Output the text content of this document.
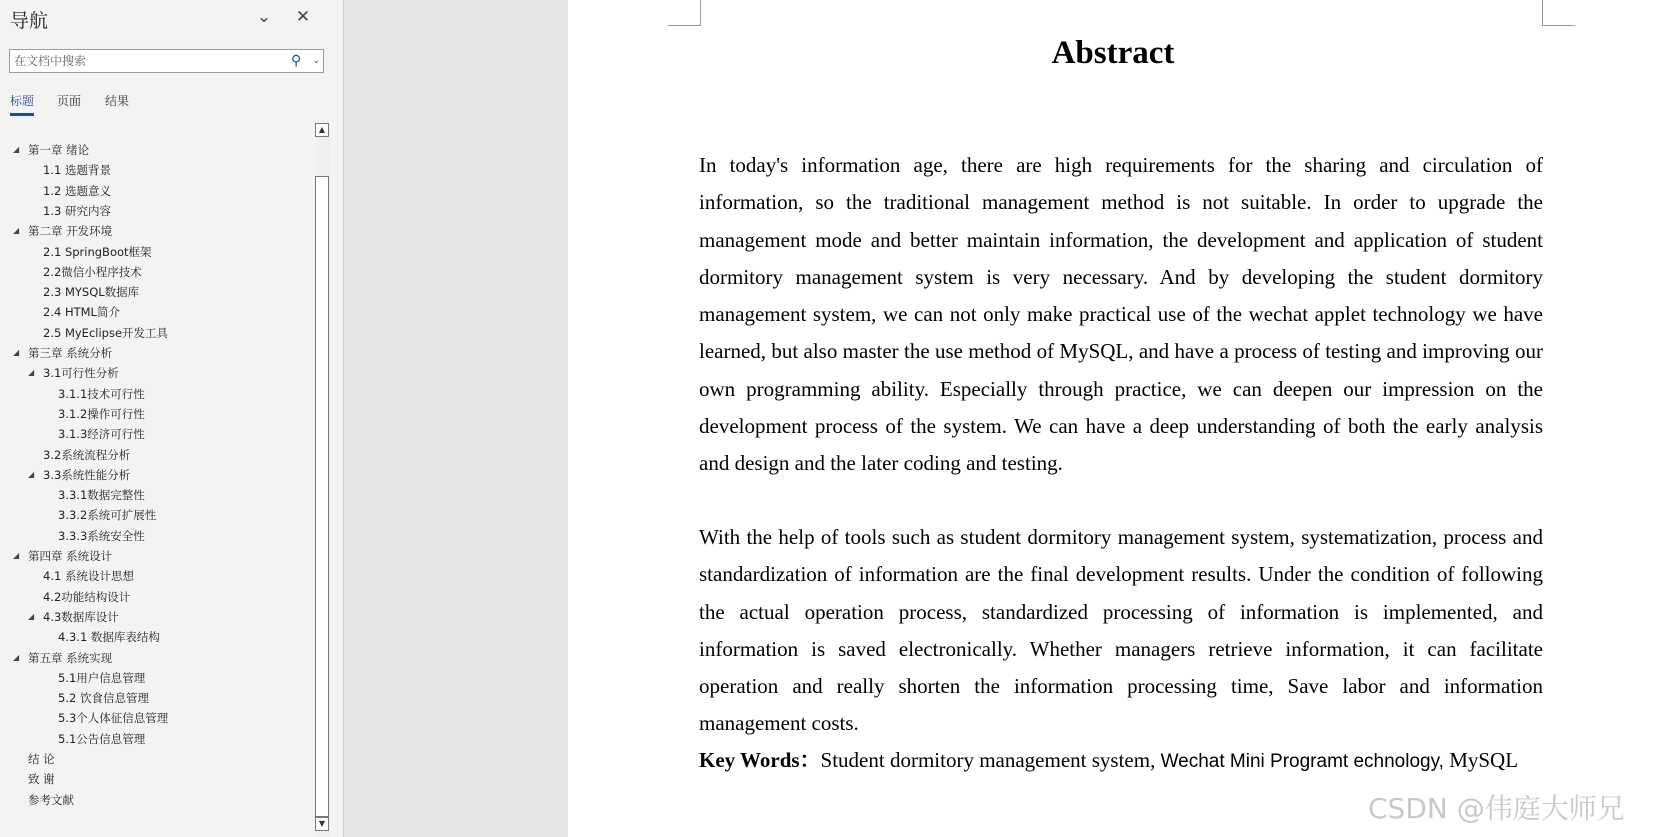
导航	⌄ ✕
在文档中搜索
⚲	⌄
标题 页面 结果
◢ 第一章 绪论
1.1 选题背景
1.2 选题意义
1.3 研究内容
◢ 第二章 开发环境
2.1 SpringBoot框架
2.2微信小程序技术
2.3 MYSQL数据库
2.4 HTML简介
2.5 MyEclipse开发工具
◢ 第三章 系统分析
◢ 3.1可行性分析
3.1.1技术可行性
3.1.2操作可行性
3.1.3经济可行性
3.2系统流程分析
◢ 3.3系统性能分析
3.3.1数据完整性
3.3.2系统可扩展性
3.3.3系统安全性
◢ 第四章 系统设计
4.1 系统设计思想
4.2功能结构设计
◢ 4.3数据库设计
4.3.1 数据库表结构
◢ 第五章 系统实现
5.1用户信息管理
5.2 饮食信息管理
5.3个人体征信息管理
5.1公告信息管理
结 论
致 谢
参考文献
▲
▼
Abstract
In today's information age, there are high requirements for the sharing and circulation of information, so the traditional management method is not suitable. In order to upgrade the management mode and better maintain information, the development and application of student dormitory management system is very necessary. And by developing the student dormitory management system, we can not only make practical use of the wechat applet technology we have learned, but also master the use method of MySQL, and have a process of testing and improving our own programming ability. Especially through practice, we can deepen our impression on the development process of the system. We can have a deep understanding of both the early analysis and design and the later coding and testing.
With the help of tools such as student dormitory management system, systematization, process and standardization of information are the final development results. Under the condition of following the actual operation process, standardized processing of information is implemented, and information is saved electronically. Whether managers retrieve information, it can facilitate operation and really shorten the information processing time, Save labor and information management costs.
Key Words：Student dormitory management system, Wechat Mini Programt echnology, MySQL
CSDN @伟庭大师兄
